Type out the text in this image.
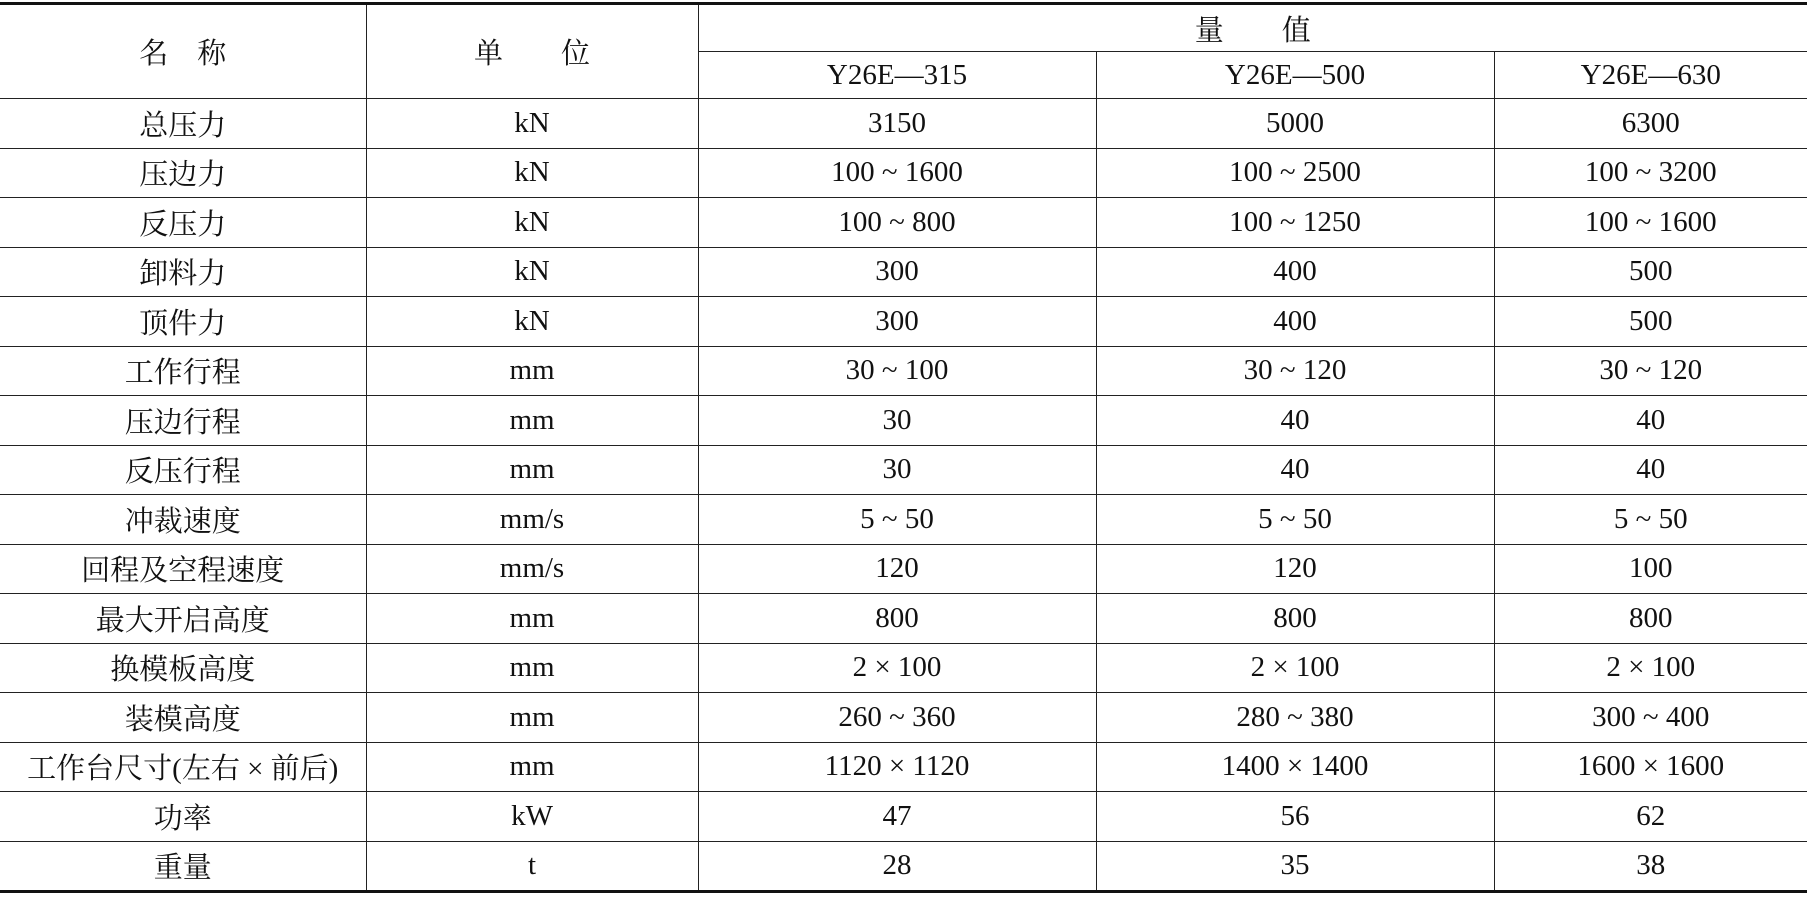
名　称	单　　位	量　　值		
		Y26E—315	Y26E—500	Y26E—630
总压力	kN	3150	5000	6300
压边力	kN	100 ~ 1600	100 ~ 2500	100 ~ 3200
反压力	kN	100 ~ 800	100 ~ 1250	100 ~ 1600
卸料力	kN	300	400	500
顶件力	kN	300	400	500
工作行程	mm	30 ~ 100	30 ~ 120	30 ~ 120
压边行程	mm	30	40	40
反压行程	mm	30	40	40
冲裁速度	mm/s	5 ~ 50	5 ~ 50	5 ~ 50
回程及空程速度	mm/s	120	120	100
最大开启高度	mm	800	800	800
换模板高度	mm	2 × 100	2 × 100	2 × 100
装模高度	mm	260 ~ 360	280 ~ 380	300 ~ 400
工作台尺寸(左右 × 前后)	mm	1120 × 1120	1400 × 1400	1600 × 1600
功率	kW	47	56	62
重量	t	28	35	38
